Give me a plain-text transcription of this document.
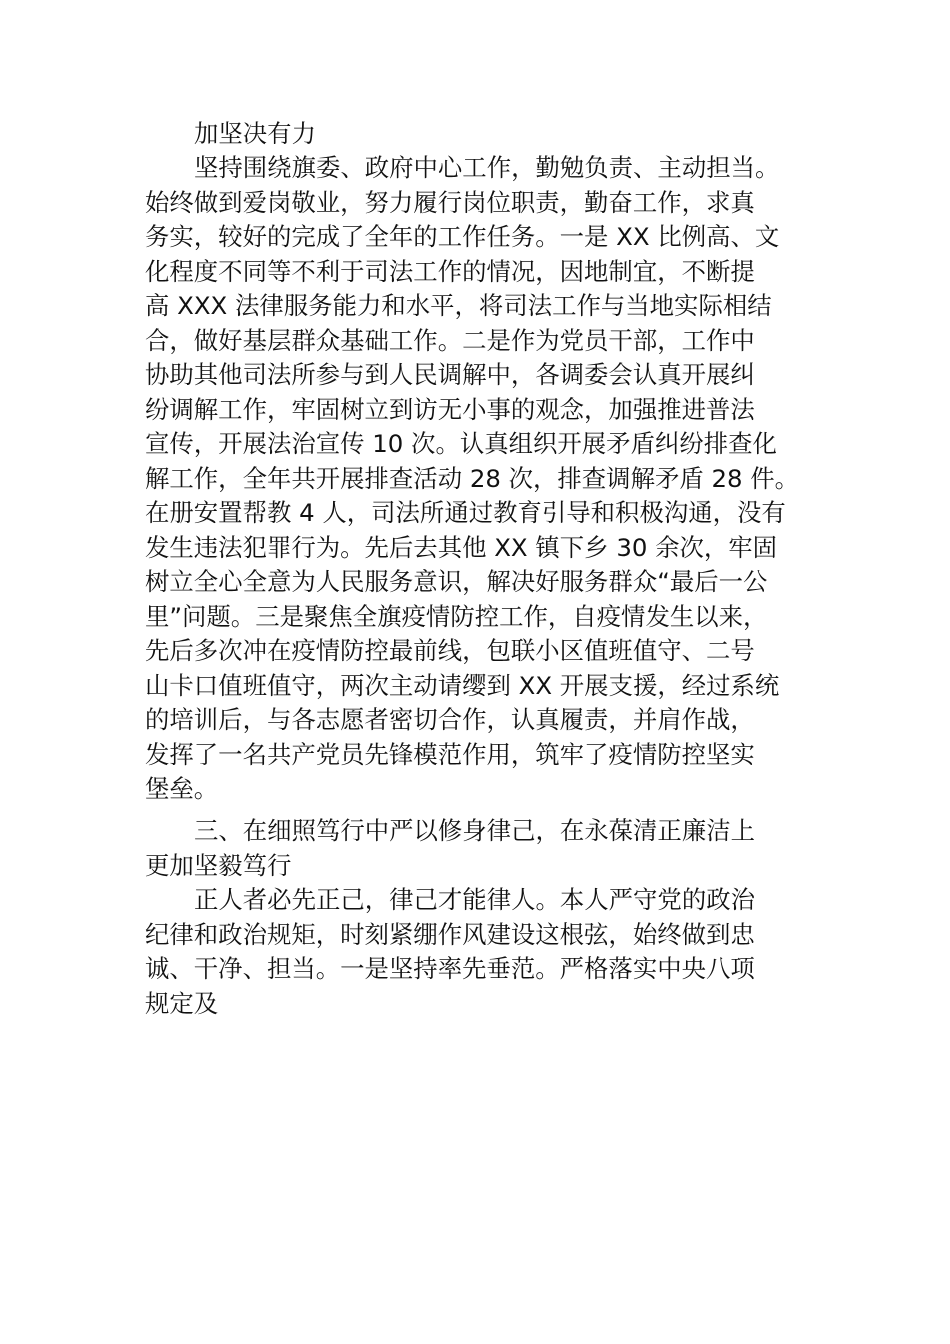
加坚决有力
坚持围绕旗委、政府中心工作，勤勉负责、主动担当。
始终做到爱岗敬业，努力履行岗位职责，勤奋工作，求真
务实，较好的完成了全年的工作任务。一是 XX 比例高、文
化程度不同等不利于司法工作的情况，因地制宜，不断提
高 XXX 法律服务能力和水平，将司法工作与当地实际相结
合，做好基层群众基础工作。二是作为党员干部，工作中
协助其他司法所参与到人民调解中，各调委会认真开展纠
纷调解工作，牢固树立到访无小事的观念，加强推进普法
宣传，开展法治宣传 10 次。认真组织开展矛盾纠纷排查化
解工作，全年共开展排查活动 28 次，排查调解矛盾 28 件。
在册安置帮教 4 人，司法所通过教育引导和积极沟通，没有
发生违法犯罪行为。先后去其他 XX 镇下乡 30 余次，牢固
树立全心全意为人民服务意识，解决好服务群众“最后一公
里”问题。三是聚焦全旗疫情防控工作，自疫情发生以来，
先后多次冲在疫情防控最前线，包联小区值班值守、二号
山卡口值班值守，两次主动请缨到 XX 开展支援，经过系统
的培训后，与各志愿者密切合作，认真履责，并肩作战，
发挥了一名共产党员先锋模范作用，筑牢了疫情防控坚实
堡垒。
三、在细照笃行中严以修身律己，在永葆清正廉洁上
更加坚毅笃行
正人者必先正己，律己才能律人。本人严守党的政治
纪律和政治规矩，时刻紧绷作风建设这根弦，始终做到忠
诚、干净、担当。一是坚持率先垂范。严格落实中央八项
规定及
